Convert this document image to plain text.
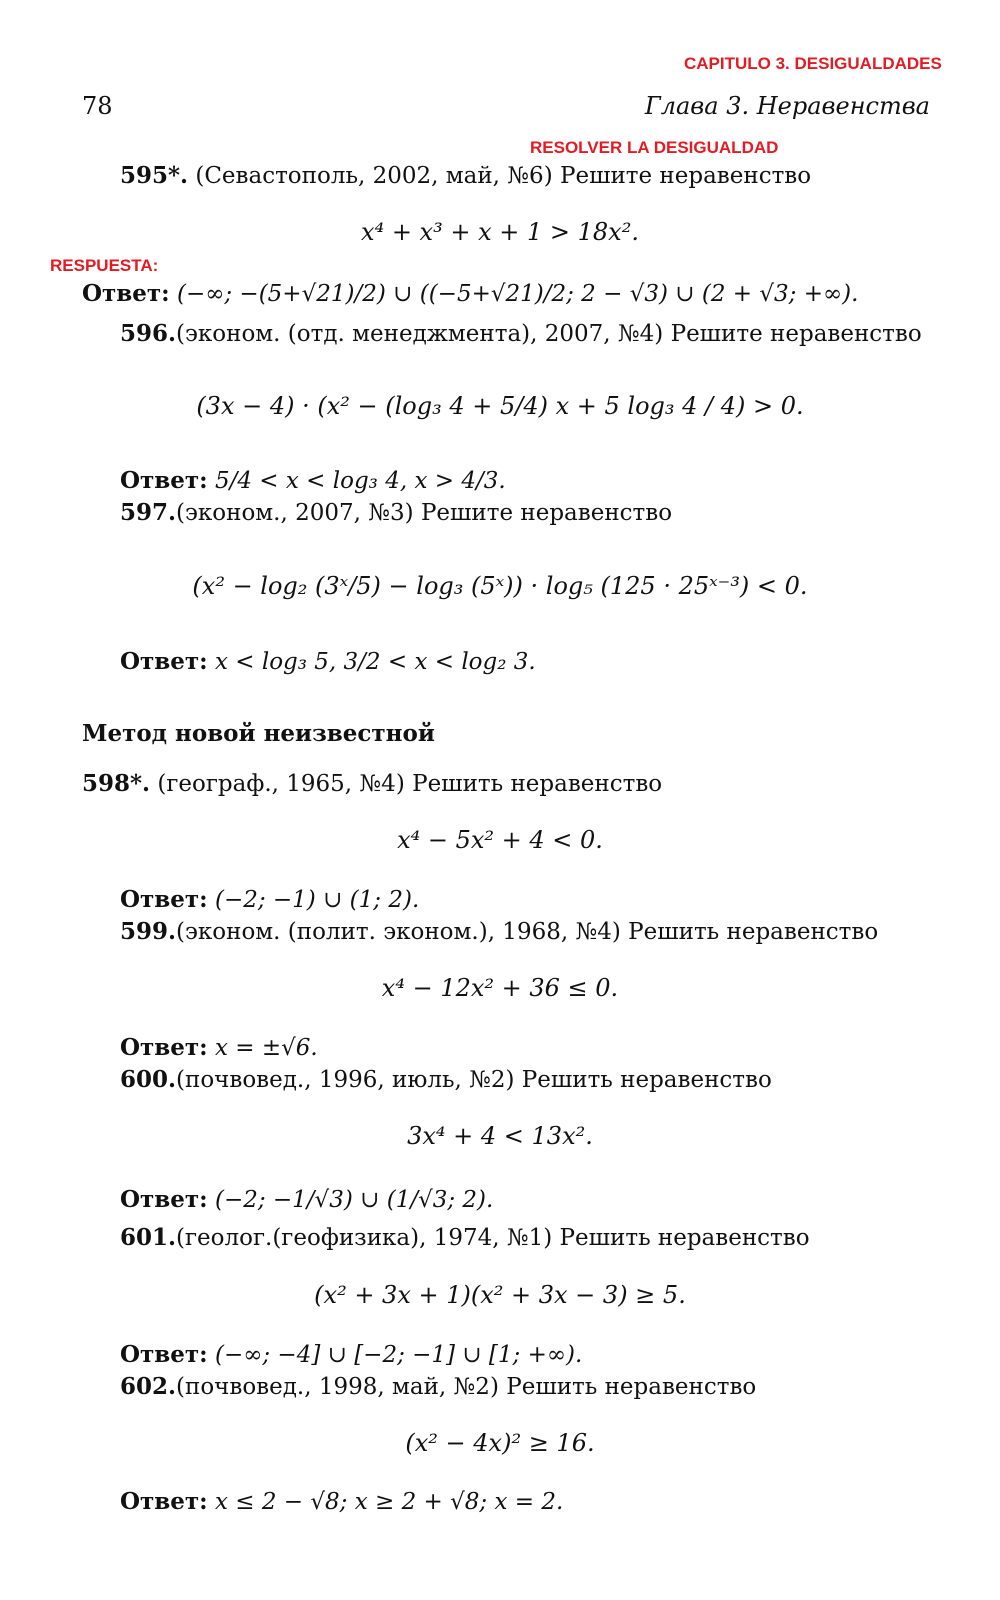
CAPITULO 3. DESIGUALDADES
RESOLVER LA DESIGUALDAD
RESPUESTA:
78	Глава 3. Неравенства
595*. (Севастополь, 2002, май, №6) Решите неравенство
x⁴ + x³ + x + 1 > 18x².
Ответ: (−∞; −(5+√21)/2) ∪ ((−5+√21)/2; 2 − √3) ∪ (2 + √3; +∞).
596.(эконом. (отд. менеджмента), 2007, №4) Решите неравенство
(3x − 4) · (x² − (log₃ 4 + 5/4) x + 5 log₃ 4 / 4) > 0.
Ответ: 5/4 < x < log₃ 4, x > 4/3.
597.(эконом., 2007, №3) Решите неравенство
(x² − log₂ (3ˣ/5) − log₃ (5ˣ)) · log₅ (125 · 25ˣ⁻³) < 0.
Ответ: x < log₃ 5, 3/2 < x < log₂ 3.
Метод новой неизвестной
598*. (географ., 1965, №4) Решить неравенство
x⁴ − 5x² + 4 < 0.
Ответ: (−2; −1) ∪ (1; 2).
599.(эконом. (полит. эконом.), 1968, №4) Решить неравенство
x⁴ − 12x² + 36 ≤ 0.
Ответ: x = ±√6.
600.(почвовед., 1996, июль, №2) Решить неравенство
3x⁴ + 4 < 13x².
Ответ: (−2; −1/√3) ∪ (1/√3; 2).
601.(геолог.(геофизика), 1974, №1) Решить неравенство
(x² + 3x + 1)(x² + 3x − 3) ≥ 5.
Ответ: (−∞; −4] ∪ [−2; −1] ∪ [1; +∞).
602.(почвовед., 1998, май, №2) Решить неравенство
(x² − 4x)² ≥ 16.
Ответ: x ≤ 2 − √8; x ≥ 2 + √8; x = 2.
